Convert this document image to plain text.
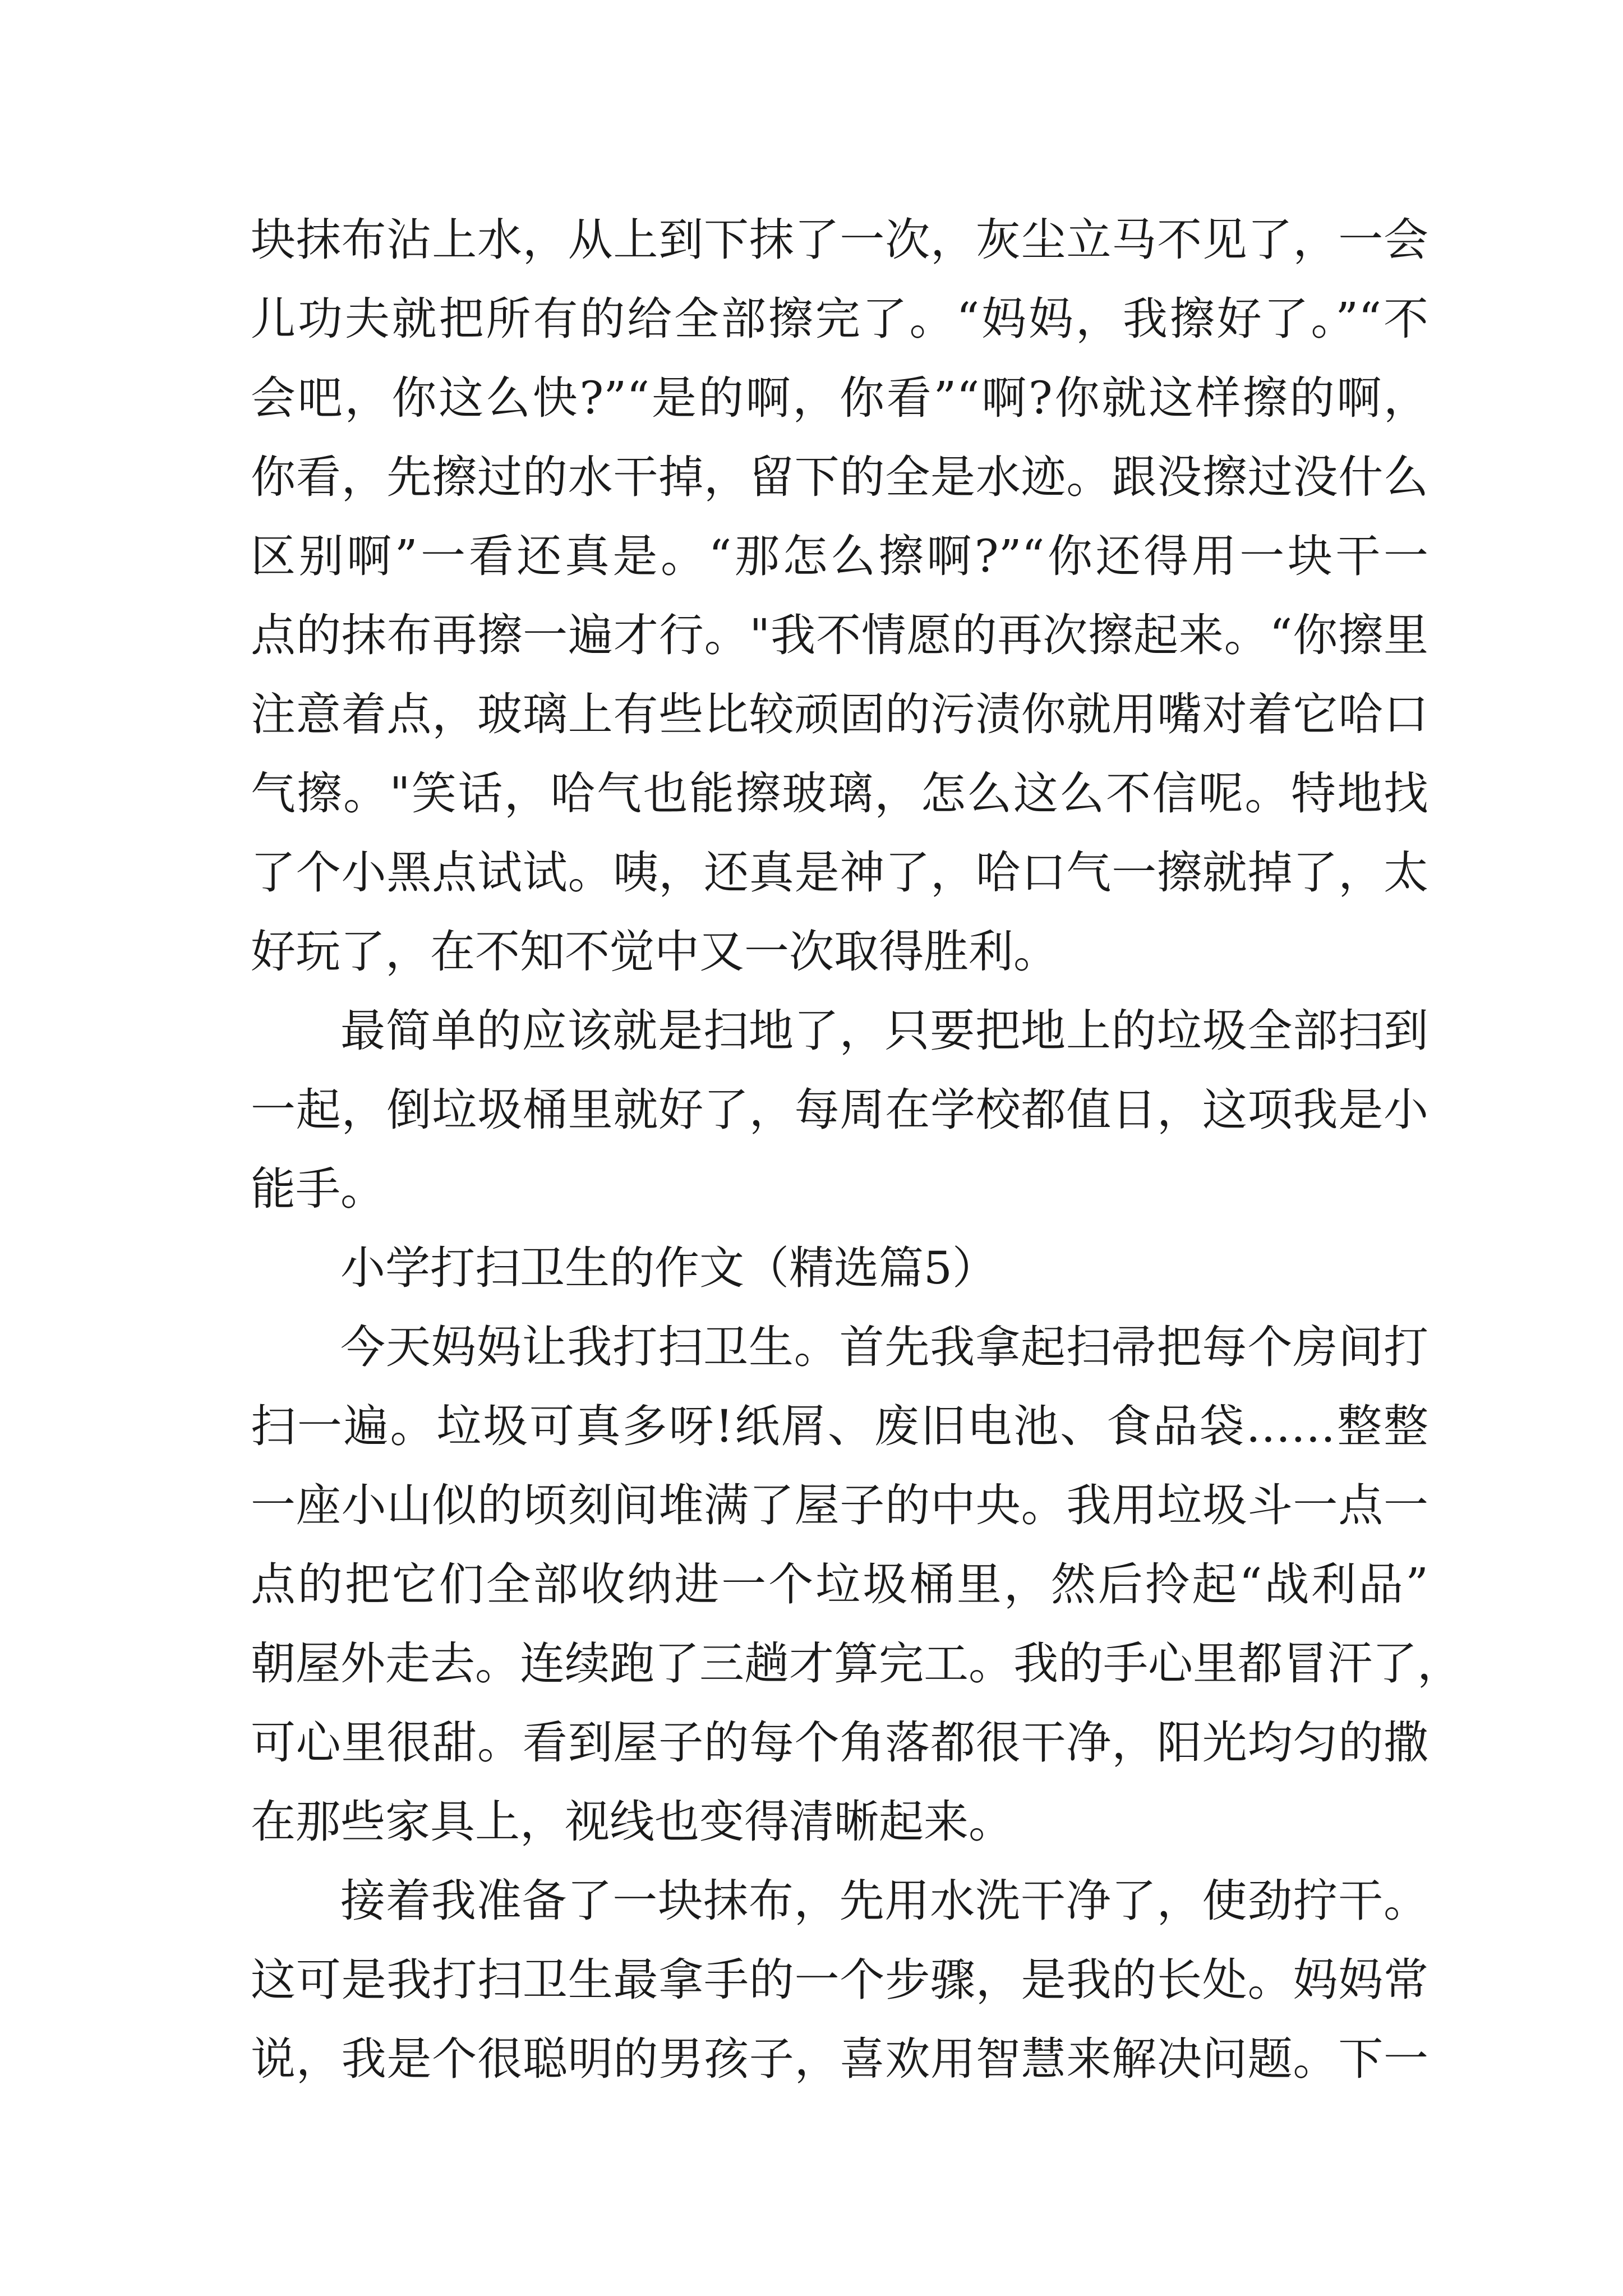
块抹布沾上水，从上到下抹了一次，灰尘立马不见了，一会
儿功夫就把所有的给全部擦完了。“妈妈，我擦好了。”“不
会吧，你这么快?”“是的啊，你看”“啊?你就这样擦的啊，
你看，先擦过的水干掉，留下的全是水迹。跟没擦过没什么
区别啊”一看还真是。“那怎么擦啊?”“你还得用一块干一
点的抹布再擦一遍才行。"我不情愿的再次擦起来。“你擦里
注意着点，玻璃上有些比较顽固的污渍你就用嘴对着它哈口
气擦。"笑话，哈气也能擦玻璃，怎么这么不信呢。特地找
了个小黑点试试。咦，还真是神了，哈口气一擦就掉了，太
好玩了，在不知不觉中又一次取得胜利。
最简单的应该就是扫地了，只要把地上的垃圾全部扫到
一起，倒垃圾桶里就好了，每周在学校都值日，这项我是小
能手。
小学打扫卫生的作文（精选篇5）
今天妈妈让我打扫卫生。首先我拿起扫帚把每个房间打
扫一遍。垃圾可真多呀!纸屑、废旧电池、食品袋……整整
一座小山似的顷刻间堆满了屋子的中央。我用垃圾斗一点一
点的把它们全部收纳进一个垃圾桶里，然后拎起“战利品”
朝屋外走去。连续跑了三趟才算完工。我的手心里都冒汗了，
可心里很甜。看到屋子的每个角落都很干净，阳光均匀的撒
在那些家具上，视线也变得清晰起来。
接着我准备了一块抹布，先用水洗干净了，使劲拧干。
这可是我打扫卫生最拿手的一个步骤，是我的长处。妈妈常
说，我是个很聪明的男孩子，喜欢用智慧来解决问题。下一
